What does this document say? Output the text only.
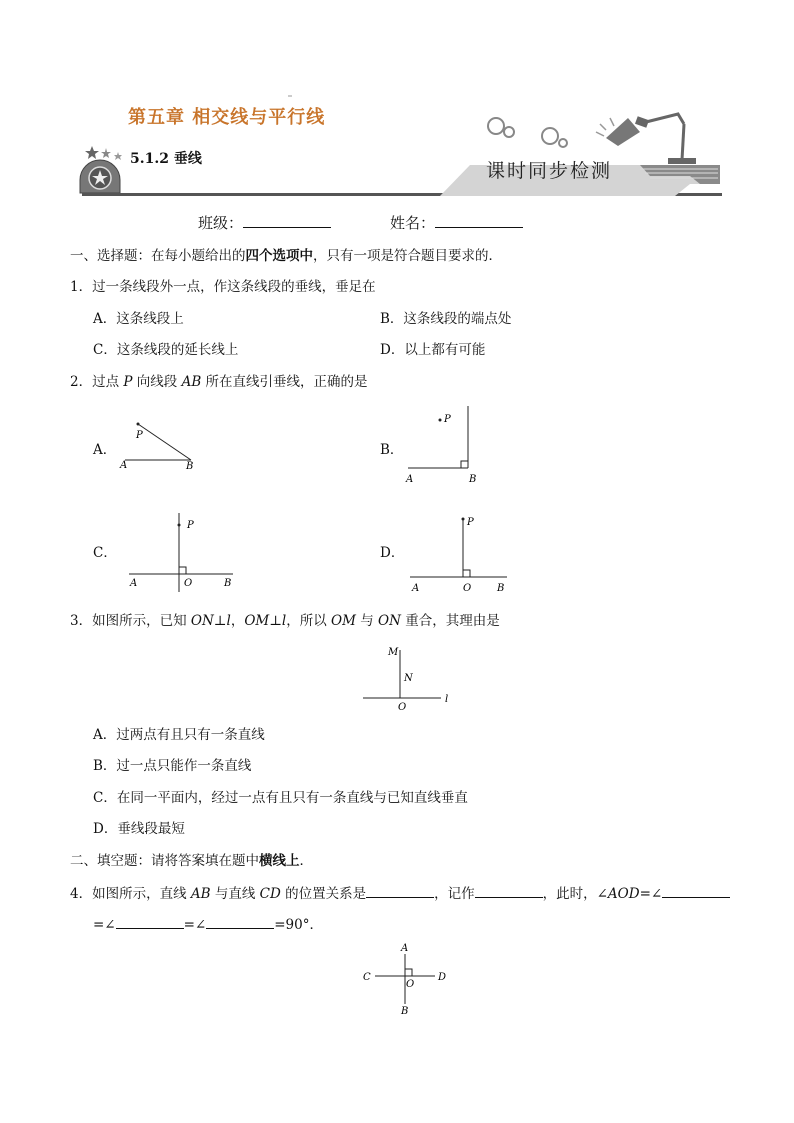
第五章 相交线与平行线
5.1.2 垂线
课时同步检测
班级：	姓名：
一、选择题：在每小题给出的四个选项中，只有一项是符合题目要求的．
1．过一条线段外一点，作这条线段的垂线，垂足在
A．这条线段上	B．这条线段的端点处
C．这条线段的延长线上	D．以上都有可能
2．过点 P 向线段 AB 所在直线引垂线，正确的是
A．	B．
C．	D．
P
A	B
P
A	B
P
A	O	B
P
A	O	B
3．如图所示，已知 ON⊥l，OM⊥l，所以 OM 与 ON 重合，其理由是
M
N
O
l
A．过两点有且只有一条直线
B．过一点只能作一条直线
C．在同一平面内，经过一点有且只有一条直线与已知直线垂直
D．垂线段最短
二、填空题：请将答案填在题中横线上．
4．如图所示，直线 AB 与直线 CD 的位置关系是	，记作	，此时，∠AOD=∠
=∠	=∠	=90°．
A
C
O
D
B
